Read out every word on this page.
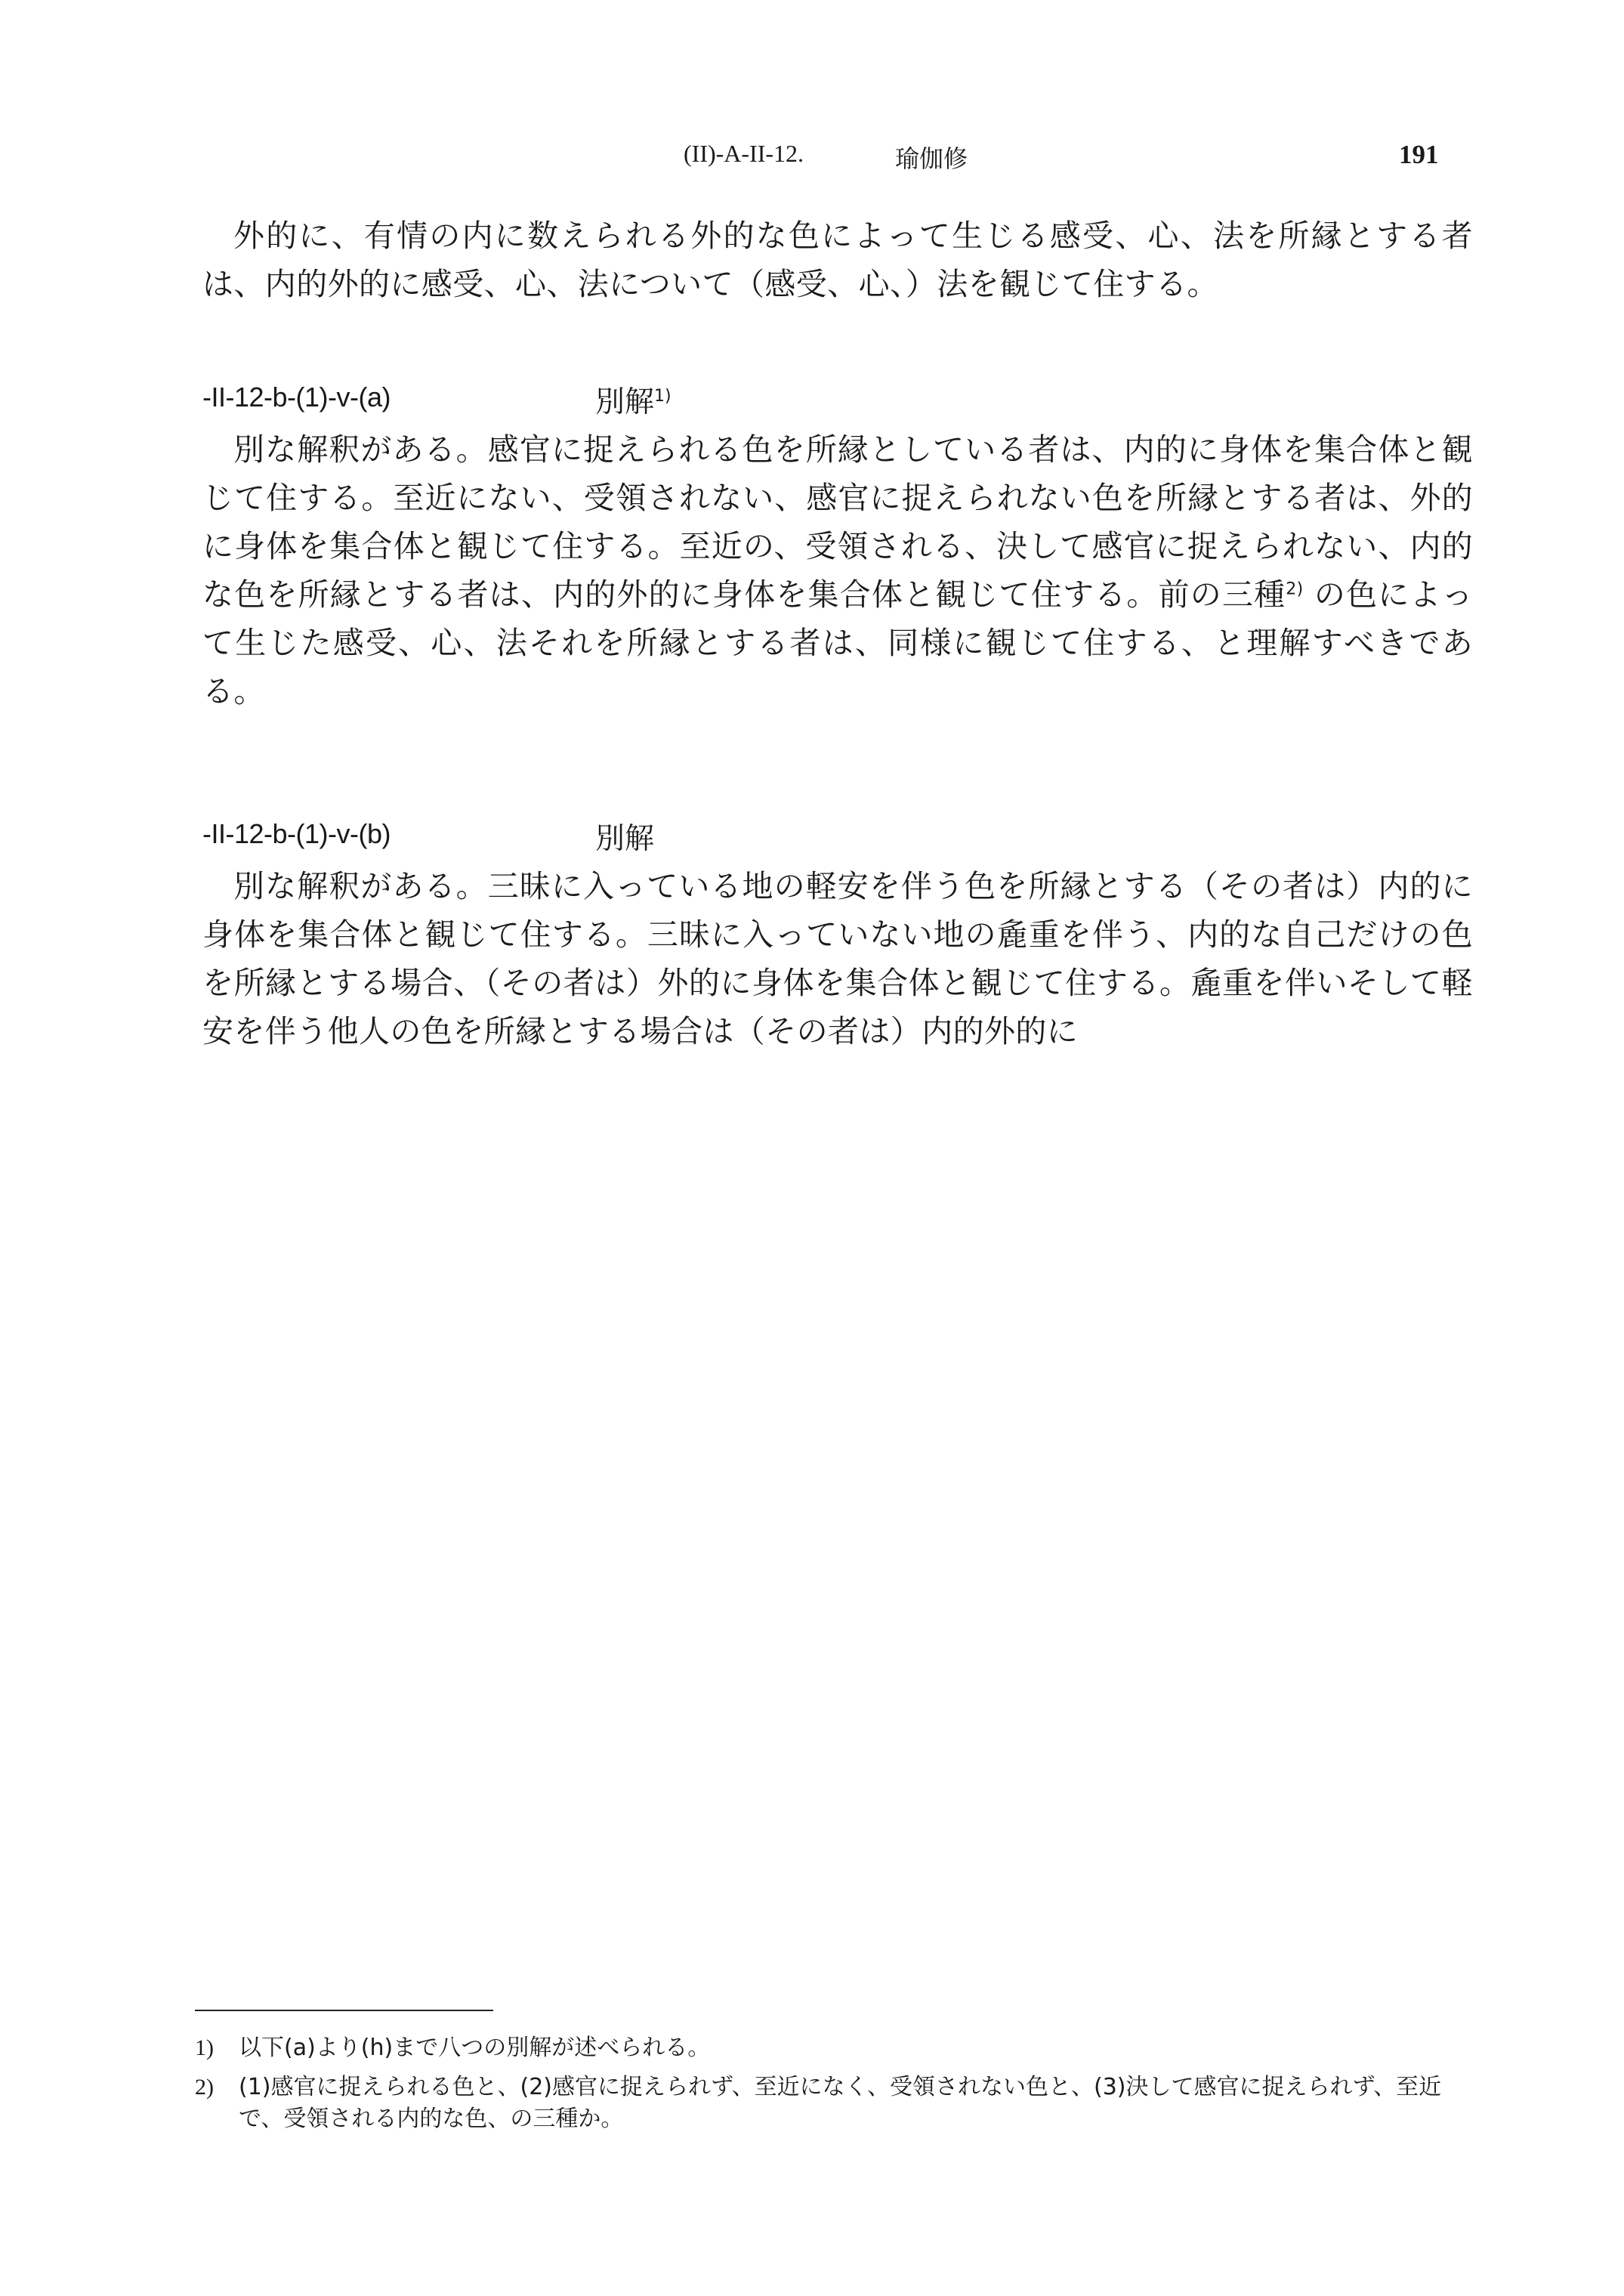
(II)-A-II-12.	瑜伽修	191

外的に、有情の内に数えられる外的な色によって生じる感受、心、法を所縁とする者は、内的外的に感受、心、法について（感受、心、）法を観じて住する。

-II-12-b-(1)-v-(a)	別解$^{1)}$

別な解釈がある。感官に捉えられる色を所縁としている者は、内的に身体を集合体と観じて住する。至近にない、受領されない、感官に捉えられない色を所縁とする者は、外的に身体を集合体と観じて住する。至近の、受領される、決して感官に捉えられない、内的な色を所縁とする者は、内的外的に身体を集合体と観じて住する。前の三種$^{2)}$ の色によって生じた感受、心、法それを所縁とする者は、同様に観じて住する、と理解すべきである。

-II-12-b-(1)-v-(b)	別解

別な解釈がある。三昧に入っている地の軽安を伴う色を所縁とする（その者は）内的に身体を集合体と観じて住する。三昧に入っていない地の麁重を伴う、内的な自己だけの色を所縁とする場合、（その者は）外的に身体を集合体と観じて住する。麁重を伴いそして軽安を伴う他人の色を所縁とする場合は（その者は）内的外的に

1) 以下(a)より(h)まで八つの別解が述べられる。
2) (1)感官に捉えられる色と、(2)感官に捉えられず、至近になく、受領されない色と、(3)決して感官に捉えられず、至近で、受領される内的な色、の三種か。
